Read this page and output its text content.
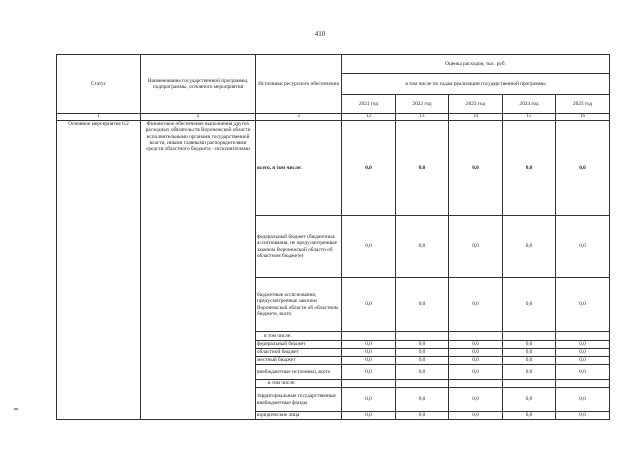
410
Статус	Наименование государственной программы, подпрограммы, основного мероприятия	Источники ресурсного обеспечения	Оценка расходов, тыс. руб.				
			в том числе по годам реализации государственной программы				
			2021 год	2022 год	2023 год	2024 год	2025 год
1	2	3	12	13	14	15	16
Основное мероприятие 6.2	Финансовое обеспечение выполнения других расходных обязательств Воронежской области исполнительными органами государственной власти, иными главными распорядителями средств областного бюджета - исполнителями	всего, в том числе:	0,0	0,0	0,0	0,0	0,0
		федеральный бюджет (бюджетные ассигнования, не предусмотренные законом Воронежской области об областном бюджете)	0,0	0,0	0,0	0,0	0,0
		бюджетные ассигнования, предусмотренные законом Воронежской области об областном бюджете, всего	0,0	0,0	0,0	0,0	0,0
		в том числе:					
		федеральный бюджет	0,0	0,0	0,0	0,0	0,0
		областной бюджет	0,0	0,0	0,0	0,0	0,0
		местный бюджет	0,0	0,0	0,0	0,0	0,0
		внебюджетные источники, всего	0,0	0,0	0,0	0,0	0,0
		в том числе:					
		территориальные государственные внебюджетные фонды	0,0	0,0	0,0	0,0	0,0
		юридические лица	0,0	0,0	0,0	0,0	0,0
